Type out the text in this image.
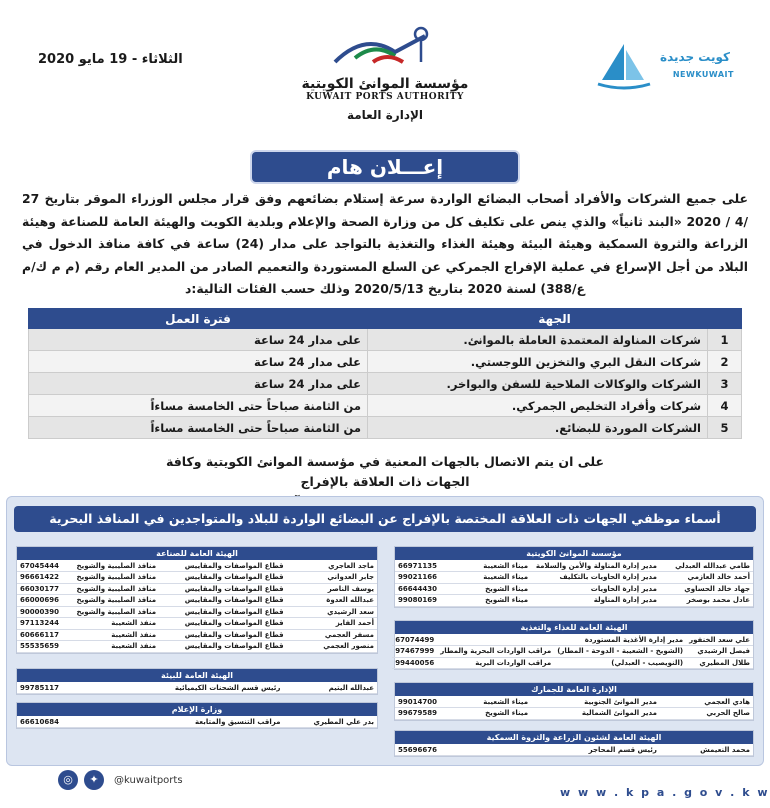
الثلاثاء - 19 مايو 2020
مؤسسة الموانئ الكويتية
KUWAIT PORTS AUTHORITY
الإدارة العامة
كويت جديدة
NEWKUWAIT
إعـــلان هام
على جميع الشركات والأفراد أصحاب البضائع الواردة سرعة إستلام بضائعهم وفق قرار مجلس الوزراء الموقر بتاريخ 27 /4 / 2020 «البند ثانياً» والذي ينص على تكليف كل من وزارة الصحة والإعلام وبلدية الكويت والهيئة العامة للصناعة وهيئة الزراعة والثروة السمكية وهيئة البيئة وهيئة الغذاء والتغذية بالتواجد على مدار (24) ساعة في كافة منافذ الدخول في البلاد من أجل الإسراع في عملية الإفراج الجمركي عن السلع المستوردة والتعميم الصادر من المدير العام رقم (م م ك/م ع/388) لسنة 2020 بتاريخ 2020/5/13 وذلك حسب الفئات التالية:د
الجهة		فترة العمل
1	شركات المناولة المعتمدة العاملة بالموانئ.	على مدار 24 ساعة
2	شركات النقل البري والتخزين اللوجستي.	على مدار 24 ساعة
3	الشركات والوكالات الملاحية للسفن والبواخر.	على مدار 24 ساعة
4	شركات وأفراد التخليص الجمركي.	من الثامنة صباحاً حتى الخامسة مساءاً
5	الشركات الموردة للبضائع.	من الثامنة صباحاً حتى الخامسة مساءاً
على ان يتم الاتصال بالجهات المعنية في مؤسسة الموانئ الكويتية وكافة الجهات ذات العلاقة بالإفراج
أسماء موظفي الجهات ذات العلاقة المختصة بالإفراج عن البضائع الواردة للبلاد والمتواجدين في المنافذ البحرية
مؤسسة الموانئ الكويتية
طامي عبدالله العبدلي	مدير إدارة المناولة والأمن والسلامة	ميناء الشعيبة	66971135
أحمد خالد العازمي	مدير إدارة الحاويات بالتكليف	ميناء الشعيبة	99021166
جهاد خالد الحساوي	مدير إدارة الحاويات	ميناء الشويخ	66644430
عادل محمد بوصخر	مدير إدارة المناولة	ميناء الشويخ	99080169
الهيئة العامة للغذاء والتغذية
علي سعد الخنفور	مدير إدارة الأغذية المستوردة		67074499
فيصل الرشيدي	(الشويخ - الشعيبة - الدوحة - المطار)	مراقب الواردات البحرية والمطار	97467999
طلال المطيري	(النويصيب - العبدلي)	مراقب الواردات البرية	99440056
الإدارة العامة للجمارك
هادي العجمي	مدير الموانئ الجنوبية	ميناء الشعيبة	99014700
صالح الحربي	مدير الموانئ الشمالية	ميناء الشويخ	99679589
الهيئة العامة لشئون الزراعة والثروة السمكية
محمد النعيمش	رئيس قسم المحاجر		55696676
الهيئة العامة للصناعة
ماجد العاجري	قطاع المواصفات والمقاييس	منافذ الصليبية والشويخ	67045444
جابر العدواني	قطاع المواصفات والمقاييس	منافذ الصليبية والشويخ	96661422
يوسف الناصر	قطاع المواصفات والمقاييس	منافذ الصليبية والشويخ	66030177
عبدالله العدوة	قطاع المواصفات والمقاييس	منافذ الصليبية والشويخ	66000696
سعد الرشيدي	قطاع المواصفات والمقاييس	منافذ الصليبية والشويخ	90000390
أحمد الفايز	قطاع المواصفات والمقاييس	منفذ الشعيبة	97113244
مسفر العجمي	قطاع المواصفات والمقاييس	منفذ الشعيبة	60666117
منصور العجمي	قطاع المواصفات والمقاييس	منفذ الشعيبة	55535659
الهيئة العامة للبيئة
عبدالله اليتيم	رئيس قسم الشحنات الكيميائية		99785117
وزارة الإعلام
بدر علي المطيري	مراقب التنسيق والمتابعة		66610684
◎	✦	@kuwaitports
w w w . k p a . g o v . k w
